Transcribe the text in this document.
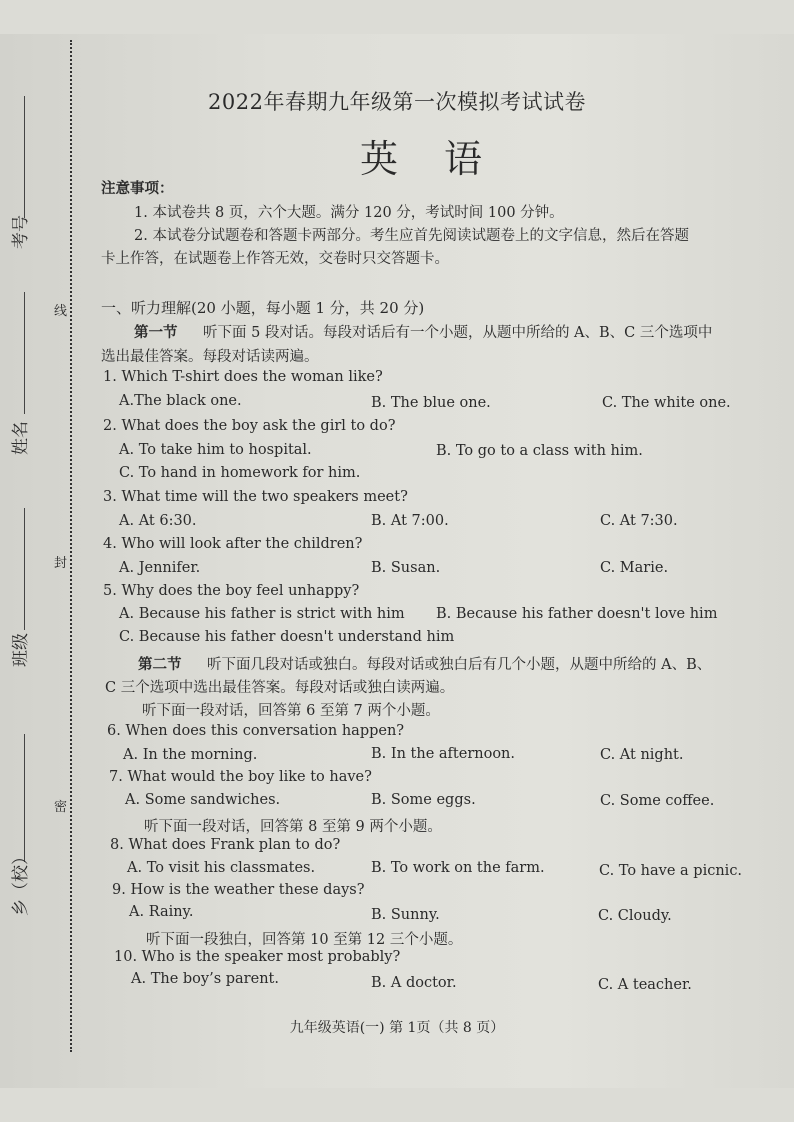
考号
姓名
班级
乡（校）
线
封
密
2022年春期九年级第一次模拟考试试卷
英语
注意事项：
1. 本试卷共 8 页，六个大题。满分 120 分，考试时间 100 分钟。
2. 本试卷分试题卷和答题卡两部分。考生应首先阅读试题卷上的文字信息，然后在答题
卡上作答，在试题卷上作答无效，交卷时只交答题卡。
一、听力理解(20 小题，每小题 1 分，共 20 分)
第一节 听下面 5 段对话。每段对话后有一个小题，从题中所给的 A、B、C 三个选项中
选出最佳答案。每段对话读两遍。
1. Which T-shirt does the woman like?
A.The black one.	B. The blue one.	C. The white one.
2. What does the boy ask the girl to do?
A. To take him to hospital.	B. To go to a class with him.
C. To hand in homework for him.
3. What time will the two speakers meet?
A. At 6:30.	B. At 7:00.	C. At 7:30.
4. Who will look after the children?
A. Jennifer.	B. Susan.	C. Marie.
5. Why does the boy feel unhappy?
A. Because his father is strict with him B. Because his father doesn't love him
C. Because his father doesn't understand him
第二节 听下面几段对话或独白。每段对话或独白后有几个小题，从题中所给的 A、B、
C 三个选项中选出最佳答案。每段对话或独白读两遍。
听下面一段对话，回答第 6 至第 7 两个小题。
6. When does this conversation happen?
A. In the morning.	B. In the afternoon.	C. At night.
7. What would the boy like to have?
A. Some sandwiches.	B. Some eggs.	C. Some coffee.
听下面一段对话，回答第 8 至第 9 两个小题。
8. What does Frank plan to do?
A. To visit his classmates.	B. To work on the farm.	C. To have a picnic.
9. How is the weather these days?
A. Rainy.	B. Sunny.	C. Cloudy.
听下面一段独白，回答第 10 至第 12 三个小题。
10. Who is the speaker most probably?
A. The boy’s parent.	B. A doctor.	C. A teacher.
九年级英语(一) 第 1页（共 8 页）
